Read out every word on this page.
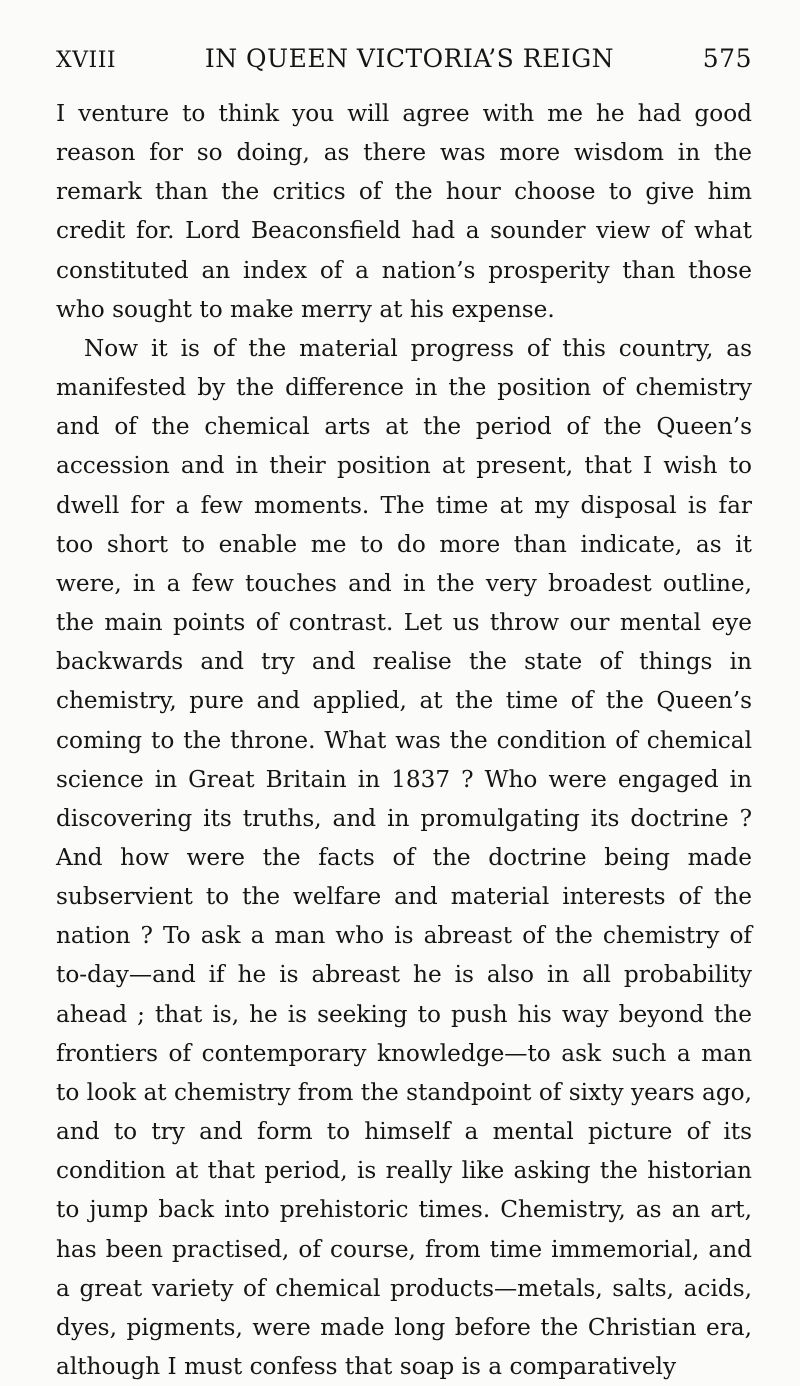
XVIII	IN QUEEN VICTORIA’S REIGN	575

I venture to think you will agree with me he had good reason for so doing, as there was more wisdom in the remark than the critics of the hour choose to give him credit for. Lord Beaconsfield had a sounder view of what constituted an index of a nation’s prosperity than those who sought to make merry at his expense.

Now it is of the material progress of this country, as manifested by the difference in the position of chemistry and of the chemical arts at the period of the Queen’s accession and in their position at present, that I wish to dwell for a few moments. The time at my disposal is far too short to enable me to do more than indicate, as it were, in a few touches and in the very broadest outline, the main points of contrast. Let us throw our mental eye backwards and try and realise the state of things in chemistry, pure and applied, at the time of the Queen’s coming to the throne. What was the condition of chemical science in Great Britain in 1837 ? Who were engaged in discovering its truths, and in promulgating its doctrine ? And how were the facts of the doctrine being made subservient to the welfare and material interests of the nation ? To ask a man who is abreast of the chemistry of to-day—and if he is abreast he is also in all probability ahead ; that is, he is seeking to push his way beyond the frontiers of contemporary knowledge—to ask such a man to look at chemistry from the standpoint of sixty years ago, and to try and form to himself a mental picture of its condition at that period, is really like asking the historian to jump back into prehistoric times. Chemistry, as an art, has been practised, of course, from time immemorial, and a great variety of chemical products—metals, salts, acids, dyes, pigments, were made long before the Christian era, although I must confess that soap is a comparatively
